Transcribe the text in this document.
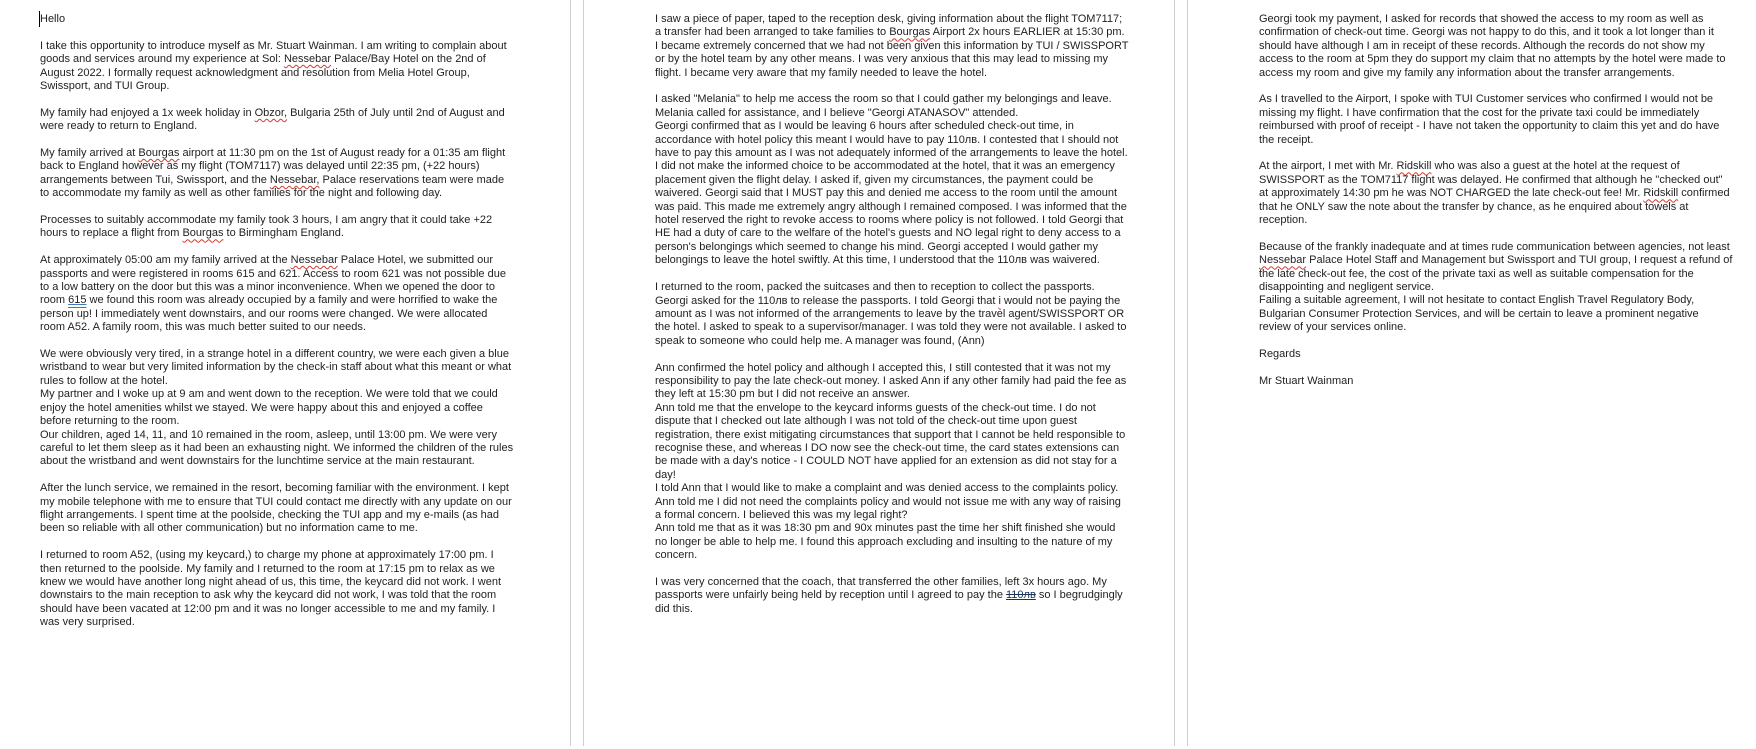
Hello

I take this opportunity to introduce myself as Mr. Stuart Wainman. I am writing to complain about goods and services around my experience at Sol: Nessebar Palace/Bay Hotel on the 2nd of August 2022. I formally request acknowledgment and resolution from Melia Hotel Group, Swissport, and TUI Group.

My family had enjoyed a 1x week holiday in Obzor, Bulgaria 25th of July until 2nd of August and were ready to return to England.

My family arrived at Bourgas airport at 11:30 pm on the 1st of August ready for a 01:35 am flight back to England however as my flight (TOM7117) was delayed until 22:35 pm, (+22 hours) arrangements between Tui, Swissport, and the Nessebar, Palace reservations team were made to accommodate my family as well as other families for the night and following day.

Processes to suitably accommodate my family took 3 hours, I am angry that it could take +22 hours to replace a flight from Bourgas to Birmingham England.

At approximately 05:00 am my family arrived at the Nessebar Palace Hotel, we submitted our passports and were registered in rooms 615 and 621. Access to room 621 was not possible due to a low battery on the door but this was a minor inconvenience. When we opened the door to room 615 we found this room was already occupied by a family and were horrified to wake the person up! I immediately went downstairs, and our rooms were changed. We were allocated room A52. A family room, this was much better suited to our needs.

We were obviously very tired, in a strange hotel in a different country, we were each given a blue wristband to wear but very limited information by the check-in staff about what this meant or what rules to follow at the hotel.
My partner and I woke up at 9 am and went down to the reception. We were told that we could enjoy the hotel amenities whilst we stayed. We were happy about this and enjoyed a coffee before returning to the room.
Our children, aged 14, 11, and 10 remained in the room, asleep, until 13:00 pm. We were very careful to let them sleep as it had been an exhausting night. We informed the children of the rules about the wristband and went downstairs for the lunchtime service at the main restaurant.

After the lunch service, we remained in the resort, becoming familiar with the environment. I kept my mobile telephone with me to ensure that TUI could contact me directly with any update on our flight arrangements. I spent time at the poolside, checking the TUI app and my e-mails (as had been so reliable with all other communication) but no information came to me.

I returned to room A52, (using my keycard,) to charge my phone at approximately 17:00 pm. I then returned to the poolside. My family and I returned to the room at 17:15 pm to relax as we knew we would have another long night ahead of us, this time, the keycard did not work. I went downstairs to the main reception to ask why the keycard did not work, I was told that the room should have been vacated at 12:00 pm and it was no longer accessible to me and my family. I was very surprised.

I saw a piece of paper, taped to the reception desk, giving information about the flight TOM7117; a transfer had been arranged to take families to Bourgas Airport 2x hours EARLIER at 15:30 pm. I became extremely concerned that we had not been given this information by TUI / SWISSPORT or by the hotel team by any other means. I was very anxious that this may lead to missing my flight. I became very aware that my family needed to leave the hotel.

I asked "Melania" to help me access the room so that I could gather my belongings and leave. Melania called for assistance, and I believe "Georgi ATANASOV" attended.
Georgi confirmed that as I would be leaving 6 hours after scheduled check-out time, in accordance with hotel policy this meant I would have to pay 110лв. I contested that I should not have to pay this amount as I was not adequately informed of the arrangements to leave the hotel. I did not make the informed choice to be accommodated at the hotel, that it was an emergency placement given the flight delay. I asked if, given my circumstances, the payment could be waivered. Georgi said that I MUST pay this and denied me access to the room until the amount was paid. This made me extremely angry although I remained composed. I was informed that the hotel reserved the right to revoke access to rooms where policy is not followed. I told Georgi that HE had a duty of care to the welfare of the hotel's guests and NO legal right to deny access to a person's belongings which seemed to change his mind. Georgi accepted I would gather my belongings to leave the hotel swiftly. At this time, I understood that the 110лв was waivered.

I returned to the room, packed the suitcases and then to reception to collect the passports. Georgi asked for the 110лв to release the passports. I told Georgi that i would not be paying the amount as I was not informed of the arrangements to leave by the travel agent/SWISSPORT OR the hotel. I asked to speak to a supervisor/manager. I was told they were not available. I asked to speak to someone who could help me. A manager was found, (Ann)

Ann confirmed the hotel policy and although I accepted this, I still contested that it was not my responsibility to pay the late check-out money. I asked Ann if any other family had paid the fee as they left at 15:30 pm but I did not receive an answer.
Ann told me that the envelope to the keycard informs guests of the check-out time. I do not dispute that I checked out late although I was not told of the check-out time upon guest registration, there exist mitigating circumstances that support that I cannot be held responsible to recognise these, and whereas I DO now see the check-out time, the card states extensions can be made with a day's notice - I COULD NOT have applied for an extension as did not stay for a day!
I told Ann that I would like to make a complaint and was denied access to the complaints policy. Ann told me I did not need the complaints policy and would not issue me with any way of raising a formal concern. I believed this was my legal right?
Ann told me that as it was 18:30 pm and 90x minutes past the time her shift finished she would no longer be able to help me. I found this approach excluding and insulting to the nature of my concern.

I was very concerned that the coach, that transferred the other families, left 3x hours ago. My passports were unfairly being held by reception until I agreed to pay the 110лв so I begrudgingly did this.

Georgi took my payment, I asked for records that showed the access to my room as well as confirmation of check-out time. Georgi was not happy to do this, and it took a lot longer than it should have although I am in receipt of these records. Although the records do not show my access to the room at 5pm they do support my claim that no attempts by the hotel were made to access my room and give my family any information about the transfer arrangements.

As I travelled to the Airport, I spoke with TUI Customer services who confirmed I would not be missing my flight. I have confirmation that the cost for the private taxi could be immediately reimbursed with proof of receipt - I have not taken the opportunity to claim this yet and do have the receipt.

At the airport, I met with Mr. Ridskill who was also a guest at the hotel at the request of SWISSPORT as the TOM7117 flight was delayed. He confirmed that although he "checked out" at approximately 14:30 pm he was NOT CHARGED the late check-out fee! Mr. Ridskill confirmed that he ONLY saw the note about the transfer by chance, as he enquired about towels at reception.

Because of the frankly inadequate and at times rude communication between agencies, not least Nessebar Palace Hotel Staff and Management but Swissport and TUI group, I request a refund of the late check-out fee, the cost of the private taxi as well as suitable compensation for the disappointing and negligent service.
Failing a suitable agreement, I will not hesitate to contact English Travel Regulatory Body, Bulgarian Consumer Protection Services, and will be certain to leave a prominent negative review of your services online.

Regards

Mr Stuart Wainman
